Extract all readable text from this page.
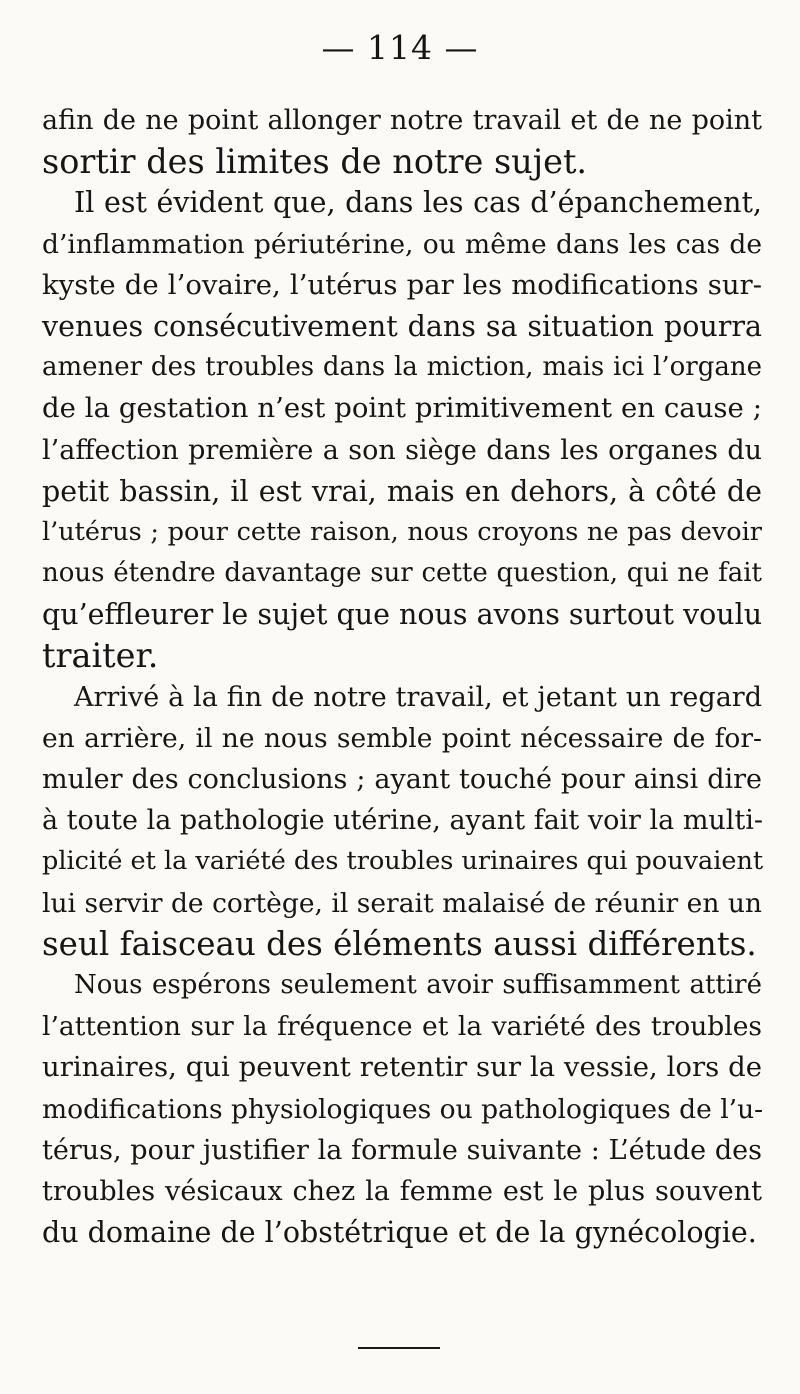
— 114 —
afin de ne point allonger notre travail et de ne point
sortir des limites de notre sujet.
Il est évident que, dans les cas d’épanchement,
d’inflammation périutérine, ou même dans les cas de
kyste de l’ovaire, l’utérus par les modifications sur-
venues consécutivement dans sa situation pourra
amener des troubles dans la miction, mais ici l’organe
de la gestation n’est point primitivement en cause ;
l’affection première a son siège dans les organes du
petit bassin, il est vrai, mais en dehors, à côté de
l’utérus ; pour cette raison, nous croyons ne pas devoir
nous étendre davantage sur cette question, qui ne fait
qu’effleurer le sujet que nous avons surtout voulu
traiter.
Arrivé à la fin de notre travail, et jetant un regard
en arrière, il ne nous semble point nécessaire de for-
muler des conclusions ; ayant touché pour ainsi dire
à toute la pathologie utérine, ayant fait voir la multi-
plicité et la variété des troubles urinaires qui pouvaient
lui servir de cortège, il serait malaisé de réunir en un
seul faisceau des éléments aussi différents.
Nous espérons seulement avoir suffisamment attiré
l’attention sur la fréquence et la variété des troubles
urinaires, qui peuvent retentir sur la vessie, lors de
modifications physiologiques ou pathologiques de l’u-
térus, pour justifier la formule suivante : L’étude des
troubles vésicaux chez la femme est le plus souvent
du domaine de l’obstétrique et de la gynécologie.
